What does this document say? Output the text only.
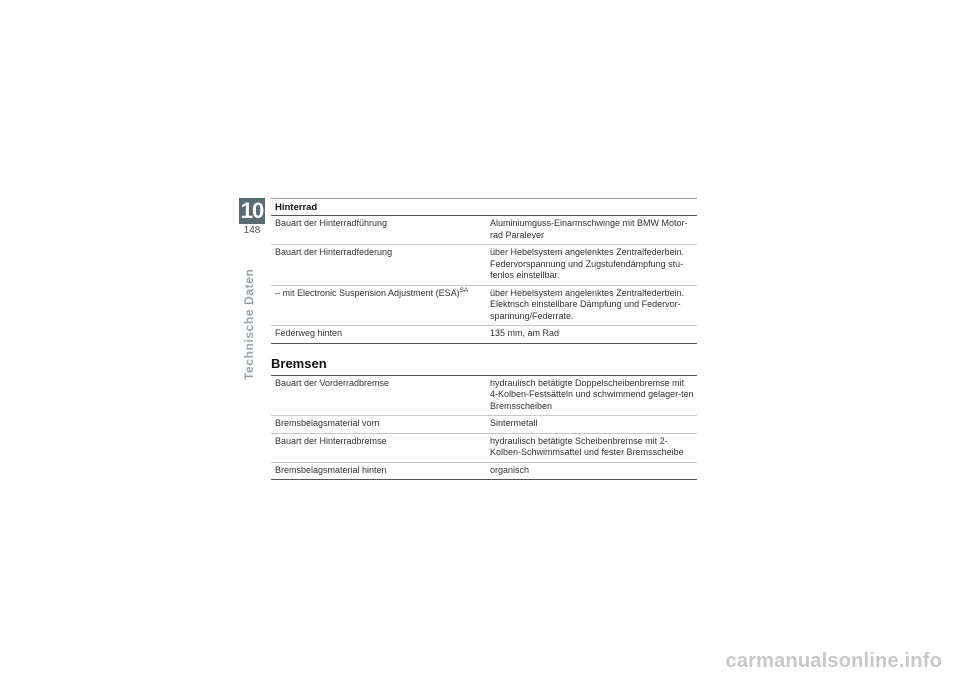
10
148
Technische Daten
Hinterrad
Bauart der Hinterradführung	Aluminiumguss-Einarmschwinge mit BMW Motor-rad Paralever
Bauart der Hinterradfederung	über Hebelsystem angelenktes Zentralfederbein. Federvorspannung und Zugstufendämpfung stu-fenlos einstellbar.
– mit Electronic Suspension Adjustment (ESA)$^{SA}$	über Hebelsystem angelenktes Zentralfederbein. Elektrisch einstellbare Dämpfung und Federvor-spannung/Federrate.
Federweg hinten	135 mm, am Rad
Bremsen
Bauart der Vorderradbremse	hydraulisch betätigte Doppelscheibenbremse mit 4-Kolben-Festsätteln und schwimmend gelager-ten Bremsscheiben
Bremsbelagsmaterial vorn	Sintermetall
Bauart der Hinterradbremse	hydraulisch betätigte Scheibenbremse mit 2-Kolben-Schwimmsattel und fester Bremsscheibe
Bremsbelagsmaterial hinten	organisch
carmanualsonline.info
